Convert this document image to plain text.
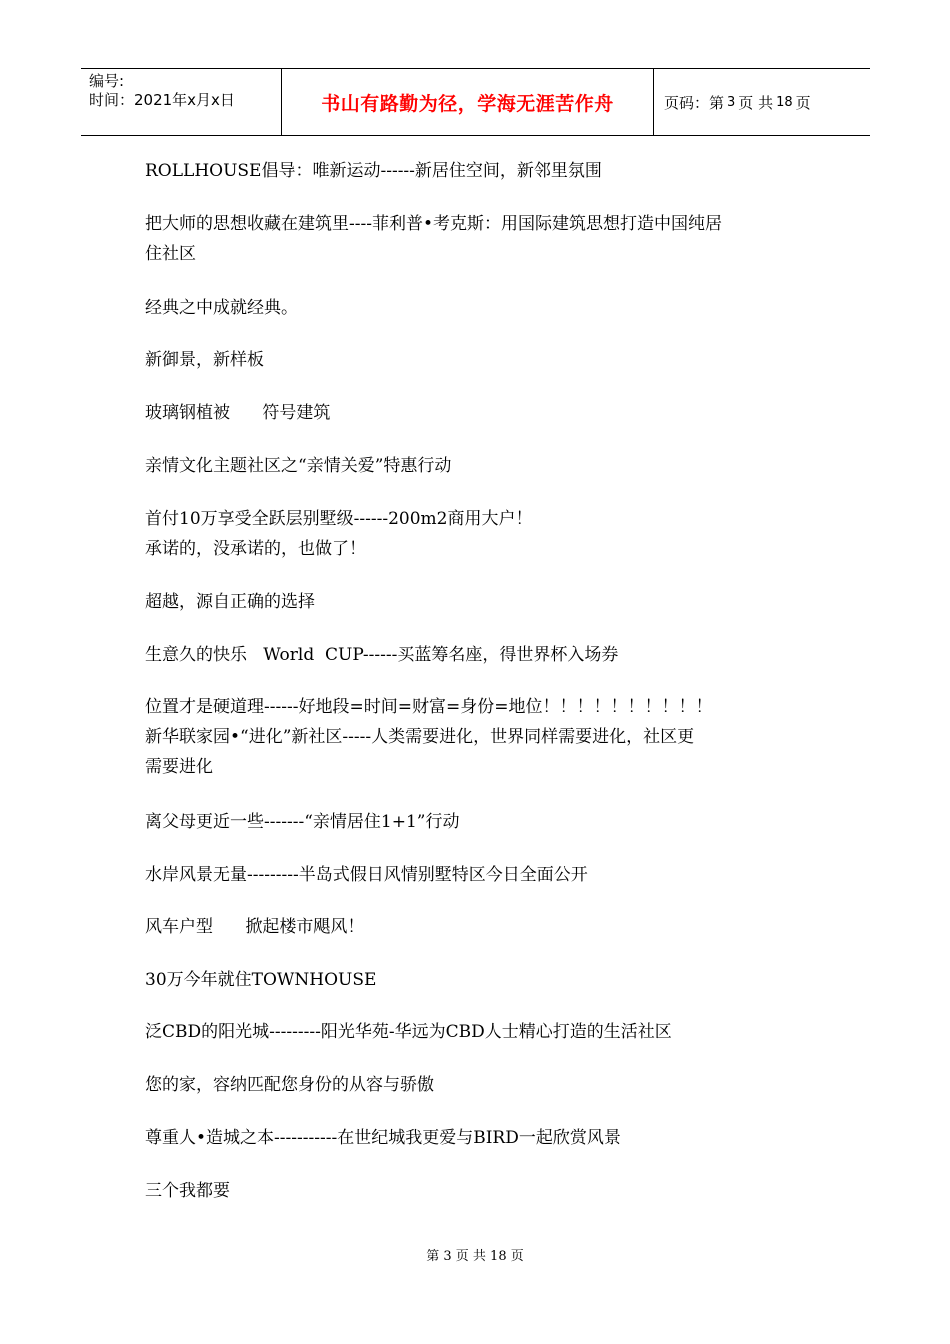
编号:
时间：2021年x月x日	书山有路勤为径，学海无涯苦作舟	页码：第 3 页 共 18 页
ROLLHOUSE倡导：唯新运动------新居住空间，新邻里氛围
把大师的思想收藏在建筑里----菲利普•考克斯：用国际建筑思想打造中国纯居
住社区
经典之中成就经典。
新御景，新样板
玻璃钢植被      符号建筑
亲情文化主题社区之“亲情关爱”特惠行动
首付10万享受全跃层别墅级------200m2商用大户！
承诺的，没承诺的，也做了！
超越，源自正确的选择
生意久的快乐   World  CUP------买蓝筹名座，得世界杯入场券
位置才是硬道理------好地段=时间=财富=身份=地位！！！！！！！！！！
新华联家园•“进化”新社区-----人类需要进化，世界同样需要进化，社区更
需要进化
离父母更近一些-------“亲情居住1+1”行动
水岸风景无量---------半岛式假日风情别墅特区今日全面公开
风车户型      掀起楼市飓风！
30万今年就住TOWNHOUSE
泛CBD的阳光城---------阳光华苑-华远为CBD人士精心打造的生活社区
您的家，容纳匹配您身份的从容与骄傲
尊重人•造城之本-----------在世纪城我更爱与BIRD一起欣赏风景
三个我都要
第 3 页 共 18 页
